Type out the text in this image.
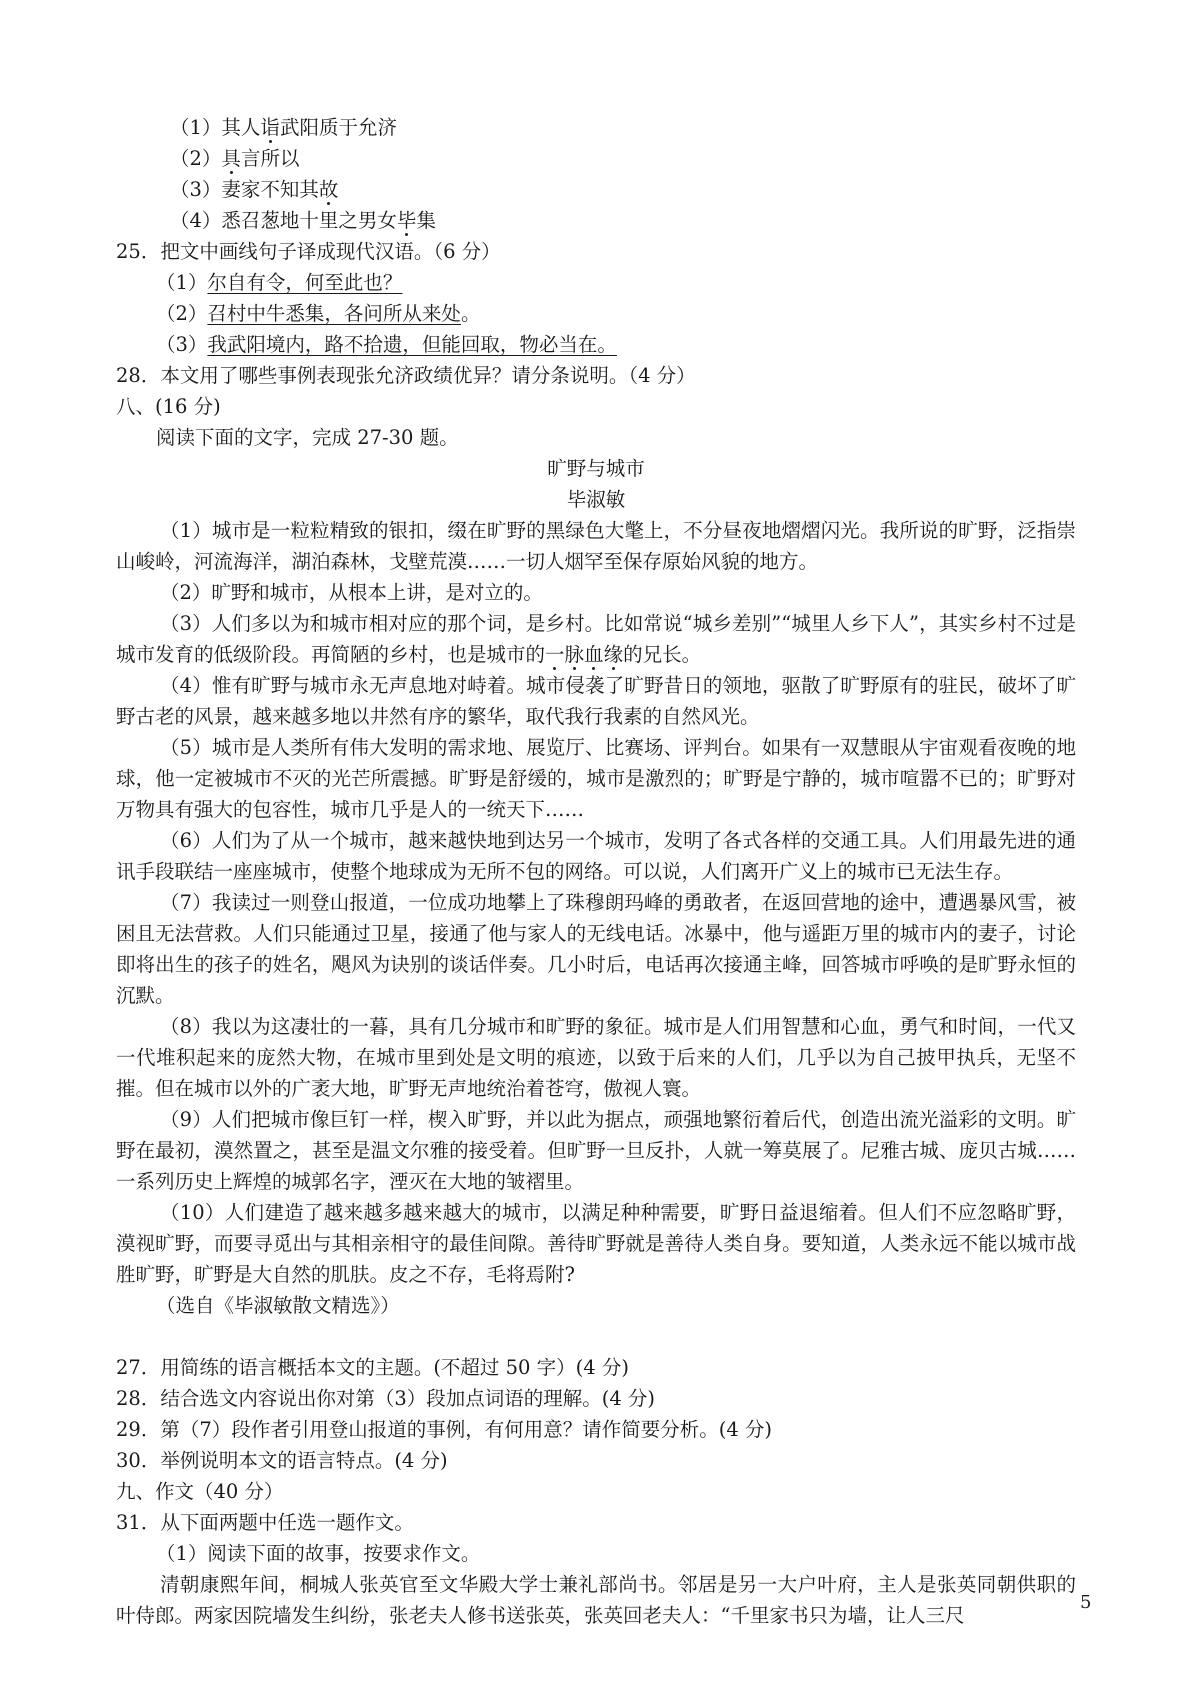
（1）其人诣武阳质于允济
（2）具言所以
（3）妻家不知其故
（4）悉召葱地十里之男女毕集
25．把文中画线句子译成现代汉语。（6 分）
（1）尔自有令，何至此也？
（2）召村中牛悉集，各问所从来处。
（3）我武阳境内，路不拾遗，但能回取，物必当在。
28．本文用了哪些事例表现张允济政绩优异？请分条说明。（4 分）
八、(16 分)
阅读下面的文字，完成 27-30 题。
旷野与城市
毕淑敏

（1）城市是一粒粒精致的银扣，缀在旷野的黑绿色大氅上，不分昼夜地熠熠闪光。我所说的旷野，泛指崇山峻岭，河流海洋，湖泊森林，戈壁荒漠……一切人烟罕至保存原始风貌的地方。

（2）旷野和城市，从根本上讲，是对立的。

（3）人们多以为和城市相对应的那个词，是乡村。比如常说“城乡差别”“城里人乡下人”，其实乡村不过是城市发育的低级阶段。再简陋的乡村，也是城市的一脉血缘的兄长。

（4）惟有旷野与城市永无声息地对峙着。城市侵袭了旷野昔日的领地，驱散了旷野原有的驻民，破坏了旷野古老的风景，越来越多地以井然有序的繁华，取代我行我素的自然风光。

（5）城市是人类所有伟大发明的需求地、展览厅、比赛场、评判台。如果有一双慧眼从宇宙观看夜晚的地球，他一定被城市不灭的光芒所震撼。旷野是舒缓的，城市是激烈的；旷野是宁静的，城市喧嚣不已的；旷野对万物具有强大的包容性，城市几乎是人的一统天下……

（6）人们为了从一个城市，越来越快地到达另一个城市，发明了各式各样的交通工具。人们用最先进的通讯手段联结一座座城市，使整个地球成为无所不包的网络。可以说，人们离开广义上的城市已无法生存。

（7）我读过一则登山报道，一位成功地攀上了珠穆朗玛峰的勇敢者，在返回营地的途中，遭遇暴风雪，被困且无法营救。人们只能通过卫星，接通了他与家人的无线电话。冰暴中，他与遥距万里的城市内的妻子，讨论即将出生的孩子的姓名，飓风为诀别的谈话伴奏。几小时后，电话再次接通主峰，回答城市呼唤的是旷野永恒的沉默。

（8）我以为这凄壮的一暮，具有几分城市和旷野的象征。城市是人们用智慧和心血，勇气和时间，一代又一代堆积起来的庞然大物，在城市里到处是文明的痕迹，以致于后来的人们，几乎以为自己披甲执兵，无坚不摧。但在城市以外的广袤大地，旷野无声地统治着苍穹，傲视人寰。

（9）人们把城市像巨钉一样，楔入旷野，并以此为据点，顽强地繁衍着后代，创造出流光溢彩的文明。旷野在最初，漠然置之，甚至是温文尔雅的接受着。但旷野一旦反扑，人就一筹莫展了。尼雅古城、庞贝古城……一系列历史上辉煌的城郭名字，湮灭在大地的皱褶里。

（10）人们建造了越来越多越来越大的城市，以满足种种需要，旷野日益退缩着。但人们不应忽略旷野，漠视旷野，而要寻觅出与其相亲相守的最佳间隙。善待旷野就是善待人类自身。要知道，人类永远不能以城市战胜旷野，旷野是大自然的肌肤。皮之不存，毛将焉附?

（选自《毕淑敏散文精选》）
27．用简练的语言概括本文的主题。(不超过 50 字）(4 分)
28．结合选文内容说出你对第（3）段加点词语的理解。(4 分)
29．第（7）段作者引用登山报道的事例，有何用意？请作简要分析。(4 分)
30．举例说明本文的语言特点。(4 分)
九、作文（40 分）
31．从下面两题中任选一题作文。
（1）阅读下面的故事，按要求作文。

清朝康熙年间，桐城人张英官至文华殿大学士兼礼部尚书。邻居是另一大户叶府，主人是张英同朝供职的叶侍郎。两家因院墙发生纠纷，张老夫人修书送张英，张英回老夫人：“千里家书只为墙，让人三尺

5
